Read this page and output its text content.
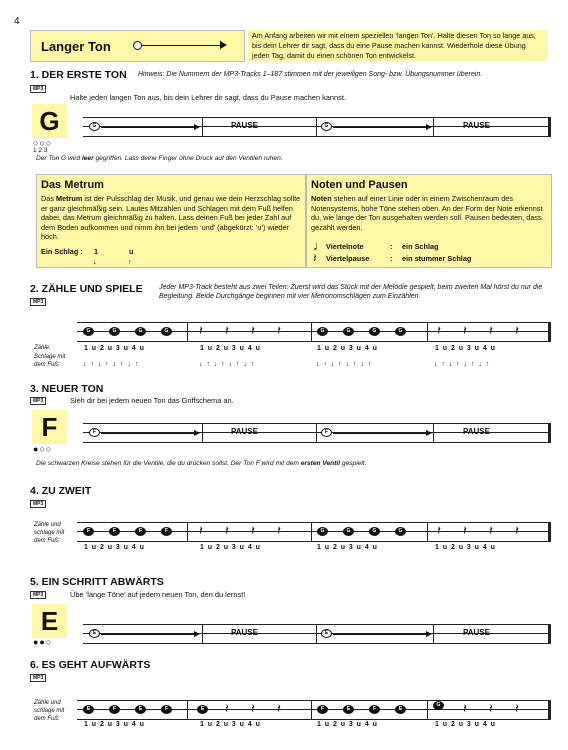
4
Langer Ton
Am Anfang arbeiten wir mit einem speziellen ‘langen Ton’. Halte diesen Ton so lange aus, bis dein Lehrer dir sagt, dass du eine Pause machen kannst. Wiederhole diese Übung jeden Tag, damit du einen schönen Ton entwickelst.
1. DER ERSTE TON Hinweis: Die Nummern der MP3-Tracks 1–187 stimmen mit der jeweiligen Song- bzw. Übungsnummer überein.
MP3
Halte jeden langen Ton aus, bis dein Lehrer dir sagt, dass du Pause machen kannst.
G
○○○
1 2 3
G	PAUSE	G	PAUSE
Der Ton G wird leer gegriffen. Lass deine Finger ohne Druck auf den Ventilen ruhen.
Das Metrum
Das Metrum ist der Pulsschlag der Musik, und genau wie dein Herzschlag sollte er ganz gleichmäßig sein. Lautes Mitzählen und Schlagen mit dem Fuß helfen dabei, das Metrum gleichmäßig zu halten. Lass deinen Fuß bei jeder Zahl auf dem Boden aufkommen und nimm ihn bei jedem ‘und’ (abgekürzt: ‘u’) wieder hoch.
Ein Schlag : 1	u
↓	↑
Noten und Pausen
Noten stehen auf einer Linie oder in einem Zwischenraum des Notensystems, hohe Töne stehen oben. An der Form der Note erkennst du, wie lange der Ton ausgehalten werden soll. Pausen bedeuten, dass gezählt werden.
♩ Viertelnote	: ein Schlag
𝄽 Viertelpause	: ein stummer Schlag
2. ZÄHLE UND SPIELE Jeder MP3-Track besteht aus zwei Teilen: Zuerst wird das Stück mit der Melodie gespielt, beim zweiten Mal hörst du nur die Begleitung. Beide Durchgänge beginnen mit vier Metronomschlägen zum Einzählen.
MP3
G	G	G	G 𝄽 𝄽 𝄽 𝄽	G	G	G	G	𝄽 𝄽 𝄽 𝄽
Zähle:
Schlage mit dem Fuß:
1  u  2  u  3  u  4  u	1  u  2  u  3  u  4  u	1  u  2  u  3  u  4  u	1  u  2  u  3  u  4  u
↓  ↑  ↓  ↑  ↓  ↑  ↓  ↑	↓  ↑  ↓  ↑  ↓  ↑  ↓  ↑	↓  ↑  ↓  ↑  ↓  ↑  ↓  ↑	↓  ↑  ↓  ↑  ↓  ↑  ↓  ↑
3. NEUER TON
MP3	Sieh dir bei jedem neuen Ton das Griffschema an.
F
●○○
F	PAUSE	F	PAUSE
Die schwarzen Kreise stehen für die Ventile, die du drücken sollst. Der Ton F wird mit dem ersten Ventil gespielt.
4. ZU ZWEIT
MP3
F	F	F	F	𝄽 𝄽 𝄽 𝄽	G	G	G	G	𝄽 𝄽 𝄽 𝄽
Zähle und schlage mit dem Fuß:
1  u  2  u  3  u  4  u	1  u  2  u  3  u  4  u	1  u  2  u  3  u  4  u	1  u  2  u  3  u  4  u
5. EIN SCHRITT ABWÄRTS
MP3	Übe ‘lange Töne’ auf jedem neuen Ton, den du lernst!
E
●●○
E	PAUSE	E	PAUSE
6. ES GEHT AUFWÄRTS
MP3
E	F	E	F	E 𝄽 𝄽 𝄽	F	E	F	E
G 𝄽 𝄽 𝄽
Zähle und schlage mit dem Fuß:
1  u  2  u  3  u  4  u	1  u  2  u  3  u  4  u	1  u  2  u  3  u  4  u	1  u  2  u  3  u  4  u
